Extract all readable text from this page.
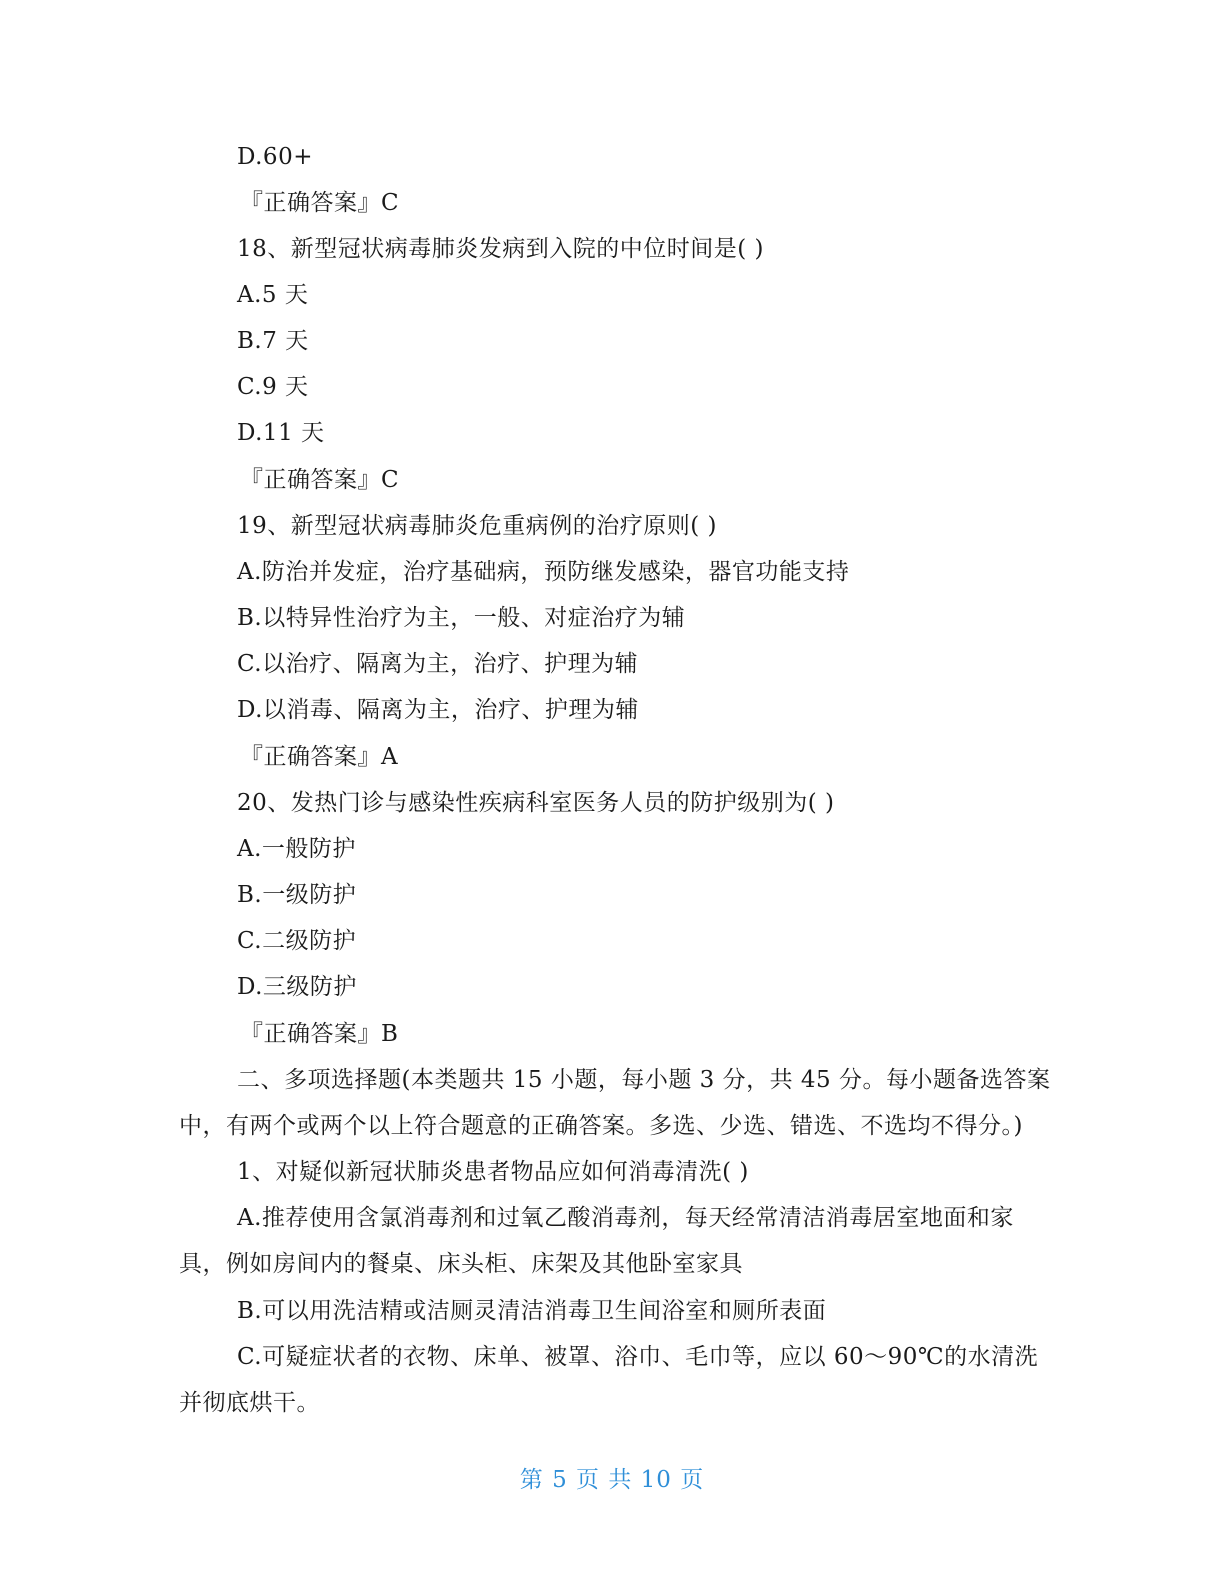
D.60+
『正确答案』C
18、新型冠状病毒肺炎发病到入院的中位时间是( )
A.5 天
B.7 天
C.9 天
D.11 天
『正确答案』C
19、新型冠状病毒肺炎危重病例的治疗原则( )
A.防治并发症，治疗基础病，预防继发感染，器官功能支持
B.以特异性治疗为主，一般、对症治疗为辅
C.以治疗、隔离为主，治疗、护理为辅
D.以消毒、隔离为主，治疗、护理为辅
『正确答案』A
20、发热门诊与感染性疾病科室医务人员的防护级别为( )
A.一般防护
B.一级防护
C.二级防护
D.三级防护
『正确答案』B
二、多项选择题(本类题共 15 小题，每小题 3 分，共 45 分。每小题备选答案
中，有两个或两个以上符合题意的正确答案。多选、少选、错选、不选均不得分。)
1、对疑似新冠状肺炎患者物品应如何消毒清洗( )
A.推荐使用含氯消毒剂和过氧乙酸消毒剂，每天经常清洁消毒居室地面和家
具，例如房间内的餐桌、床头柜、床架及其他卧室家具
B.可以用洗洁精或洁厕灵清洁消毒卫生间浴室和厕所表面
C.可疑症状者的衣物、床单、被罩、浴巾、毛巾等，应以 60～90℃的水清洗
并彻底烘干。
第 5 页 共 10 页
